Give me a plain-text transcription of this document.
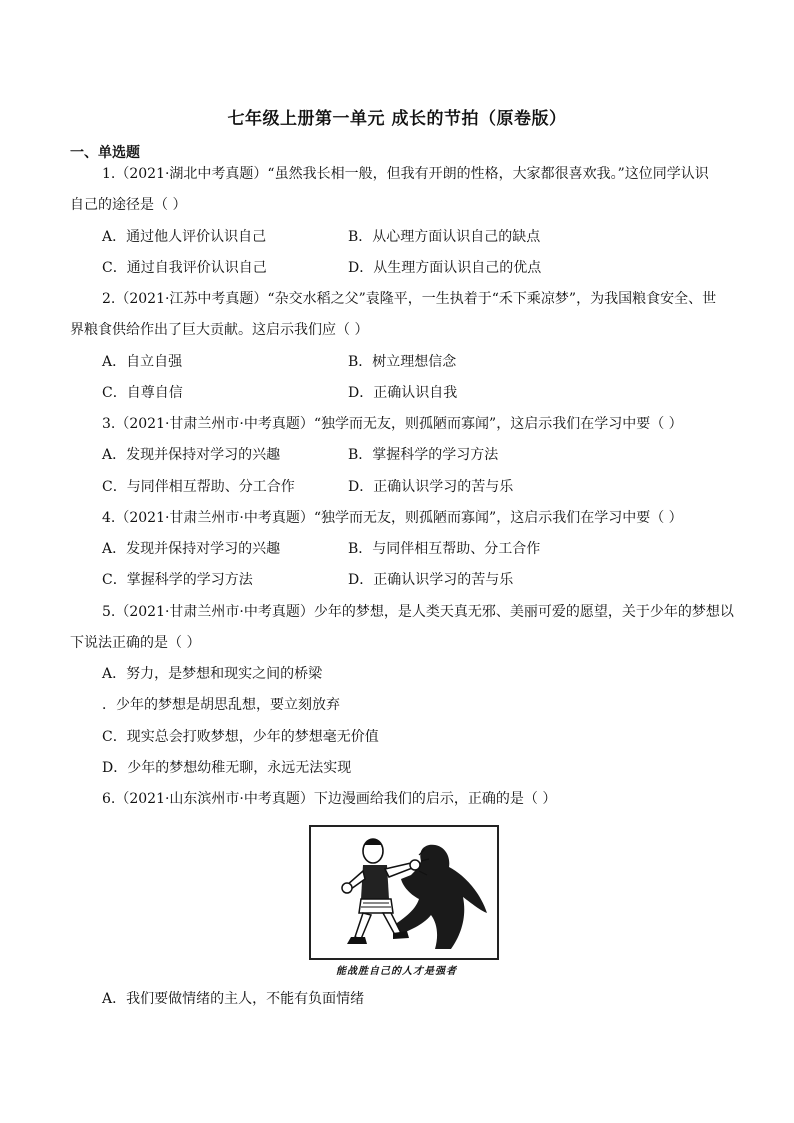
七年级上册第一单元 成长的节拍（原卷版）
一、单选题
1.（2021·湖北中考真题）“虽然我长相一般，但我有开朗的性格，大家都很喜欢我。”这位同学认识
自己的途径是（ ）
A．通过他人评价认识自己	B．从心理方面认识自己的缺点
C．通过自我评价认识自己	D．从生理方面认识自己的优点
2.（2021·江苏中考真题）“杂交水稻之父”袁隆平，一生执着于“禾下乘凉梦”，为我国粮食安全、世
界粮食供给作出了巨大贡献。这启示我们应（ ）
A．自立自强	B．树立理想信念
C．自尊自信	D．正确认识自我
3.（2021·甘肃兰州市·中考真题）“独学而无友，则孤陋而寡闻”，这启示我们在学习中要（ ）
A．发现并保持对学习的兴趣	B．掌握科学的学习方法
C．与同伴相互帮助、分工合作	D．正确认识学习的苦与乐
4.（2021·甘肃兰州市·中考真题）“独学而无友，则孤陋而寡闻”，这启示我们在学习中要（ ）
A．发现并保持对学习的兴趣	B．与同伴相互帮助、分工合作
C．掌握科学的学习方法	D．正确认识学习的苦与乐
5.（2021·甘肃兰州市·中考真题）少年的梦想，是人类天真无邪、美丽可爱的愿望，关于少年的梦想以
下说法正确的是（ ）
A．努力，是梦想和现实之间的桥梁
．少年的梦想是胡思乱想，要立刻放弃
C．现实总会打败梦想，少年的梦想毫无价值
D．少年的梦想幼稚无聊，永远无法实现
6.（2021·山东滨州市·中考真题）下边漫画给我们的启示，正确的是（ ）
能战胜自己的人才是强者
A．我们要做情绪的主人，不能有负面情绪
